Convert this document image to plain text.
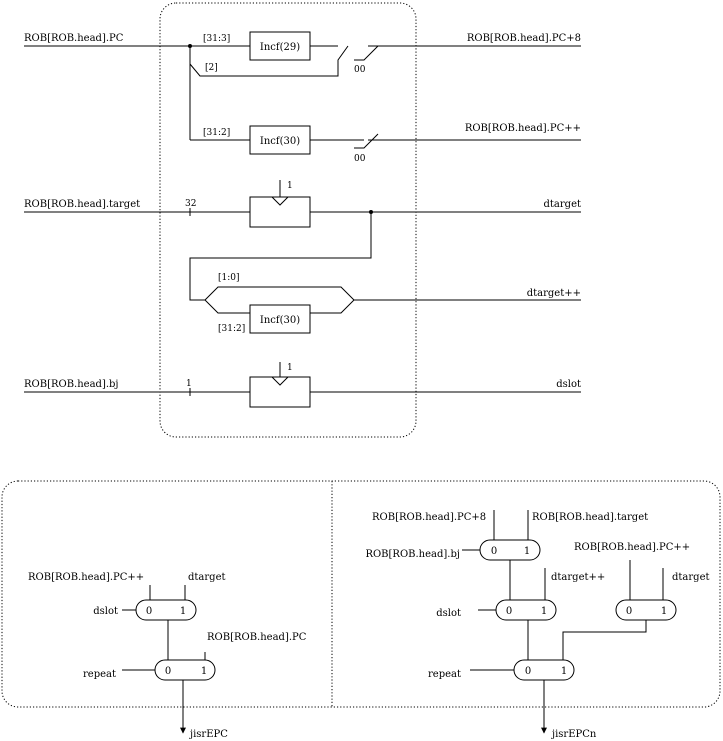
ROB[ROB.head].PC	[31:3]
Incf(29)
[2]	00
ROB[ROB.head].PC+8
[31:2]
Incf(30)
00
ROB[ROB.head].PC++
ROB[ROB.head].target	32
1
dtarget
Incf(30)
[1:0]
[31:2]
dtarget++
ROB[ROB.head].bj	1
1
dslot
ROB[ROB.head].PC++	dtarget
0	1
dslot
ROB[ROB.head].PC
0	1
repeat
jisrEPC
ROB[ROB.head].PC+8	ROB[ROB.head].target
0	1
ROB[ROB.head].bj
dtarget++
0	1
dslot
ROB[ROB.head].PC++
dtarget
0	1
0	1
repeat
jisrEPCn
